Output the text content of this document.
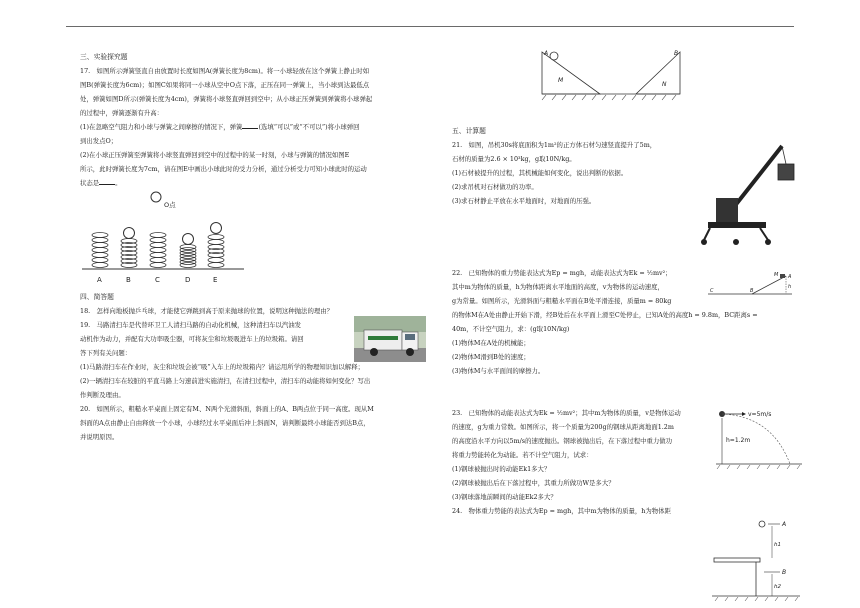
三、实验探究题

17.　如图所示弹簧竖直自由放置时长度如图A(弹簧长度为8cm)。将一小球轻放在这个弹簧上静止时如

图B(弹簧长度为6cm)；如图C如果将同一小球从空中O点下落，正压在同一弹簧上，当小球到达最低点

处，弹簧如图D所示(弹簧长度为4cm)，弹簧将小球竖直弹回到空中；从小球正压弹簧到弹簧将小球弹起

的过程中，弹簧逐渐有升高：

(1)在忽略空气阻力和小球与弹簧之间摩擦的情况下，弹簧	(选填“可以”或“不可以”)将小球弹回

到出发点O；

(2)在小球正压弹簧至弹簧将小球竖直弹回到空中的过程中的某一时刻，小球与弹簧的情况如图E

所示，此时弹簧长度为7cm，请在图E中画出小球此时的受力分析，通过分析受力可知小球此时的运动

状态是	。

O点
A	B	C	D	E

四、简答题

18.　怎样向地板抛乒乓球，才能使它弹跳到高于原来抛球的位置，说明这种抛法的理由？

19.　马路清扫车是代替环卫工人清扫马路的自动化机械，这种清扫车以汽油发

动机作为动力，并配有大功率吸尘器，可将灰尘和垃圾吸进车上的垃圾箱。请回

答下列有关问题：

(1)马路清扫车在作业时，灰尘和垃圾会被“吸”入车上的垃圾箱内？请运用所学的物理知识加以解释；

(2)一辆清扫车在较脏的平直马路上匀速前进实施清扫，在清扫过程中，清扫车的动能将如何变化？写出

作判断及理由。

20.　如图所示，粗糙水平桌面上固定有M、N两个光滑斜面，斜面上的A、B两点位于同一高度。现从M

斜面的A点由静止自由释放一个小球，小球经过水平桌面后冲上斜面N，请判断最终小球能否到达B点，

并说明原因。

A	B
M
N

五、计算题

21.　如图，吊机30s将底面积为1m²的正方体石材匀速竖直提升了5m，

石材的质量为2.6 × 10³kg，g取10N/kg。

(1)石材被提升的过程，其机械能如何变化，说出判断的依据。

(2)求吊机对石材做功的功率。

(3)求石材静止平放在水平地面时，对地面的压强。

22.　已知物体的重力势能表达式为Ep = mgh，动能表达式为Ek = ½mv²；

其中m为物体的质量，h为物体距离水平地面的高度，v为物体的运动速度，

g为常量。如图所示，光滑斜面与粗糙水平面在B处平滑连接，质量m = 80kg

的物体M在A处由静止开始下滑，经B处后在水平面上滑至C处停止，已知A处的高度h = 9.8m，BC距离s =

40m，不计空气阻力，求：(g取10N/kg)

(1)物体M在A处的机械能；

(2)物体M滑到B处的速度；

(3)物体M与水平面间的摩擦力。

C	B
A
M
h

23.　已知物体的动能表达式为Ek = ½mv²；其中m为物体的质量，v是物体运动

的速度，g为重力常数。如图所示，将一个质量为200g的钢球从距离地面1.2m

的高度沿水平方向以5m/s的速度抛出。钢球被抛出后，在下落过程中重力做功

将重力势能转化为动能。若不计空气阻力，试求：

(1)钢球被抛出时的动能Ek1多大？

(2)钢球被抛出后在下落过程中，其重力所做功W是多大？

(3)钢球落地前瞬间的动能Ek2多大？

24.　物体重力势能的表达式为Ep = mgh，其中m为物体的质量，h为物体距

v=5m/s
h=1.2m
A
h1
B
h2
